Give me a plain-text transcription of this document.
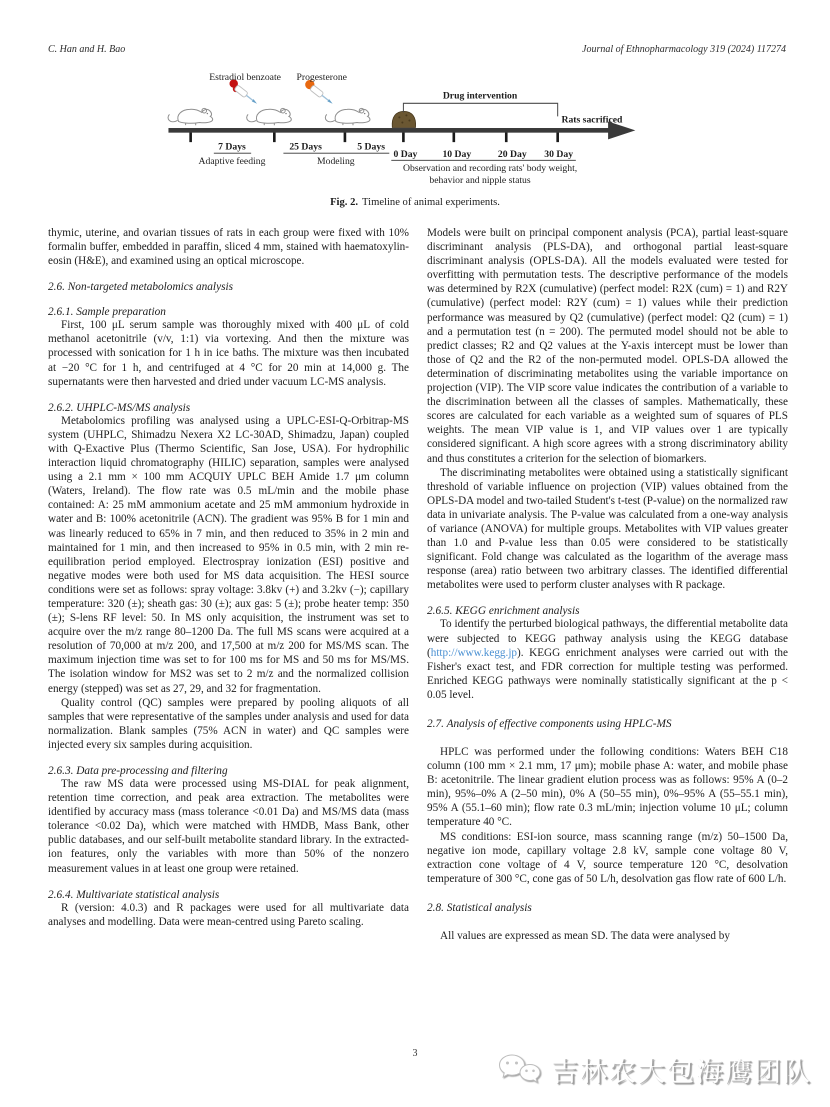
C. Han and H. Bao	Journal of Ethnopharmacology 319 (2024) 117274
Estradiol benzoate Progesterone
Drug intervention
Rats sacrificed
7 Days
Adaptive feeding
25 Days	5 Days
Modeling
0 Day	10 Day	20 Day 30 Day
Observation and recording rats' body weight,
behavior and nipple status
Fig. 2. Timeline of animal experiments.

thymic, uterine, and ovarian tissues of rats in each group were fixed with 10% formalin buffer, embedded in paraffin, sliced 4 mm, stained with haematoxylin-eosin (H&E), and examined using an optical microscope.

2.6. Non-targeted metabolomics analysis

2.6.1. Sample preparation

First, 100 μL serum sample was thoroughly mixed with 400 μL of cold methanol acetonitrile (v/v, 1:1) via vortexing. And then the mixture was processed with sonication for 1 h in ice baths. The mixture was then incubated at −20 °C for 1 h, and centrifuged at 4 °C for 20 min at 14,000 g. The supernatants were then harvested and dried under vacuum LC-MS analysis.

2.6.2. UHPLC-MS/MS analysis

Metabolomics profiling was analysed using a UPLC-ESI-Q-Orbitrap-MS system (UHPLC, Shimadzu Nexera X2 LC-30AD, Shimadzu, Japan) coupled with Q-Exactive Plus (Thermo Scientific, San Jose, USA). For hydrophilic interaction liquid chromatography (HILIC) separation, samples were analysed using a 2.1 mm × 100 mm ACQUIY UPLC BEH Amide 1.7 μm column (Waters, Ireland). The flow rate was 0.5 mL/min and the mobile phase contained: A: 25 mM ammonium acetate and 25 mM ammonium hydroxide in water and B: 100% acetonitrile (ACN). The gradient was 95% B for 1 min and was linearly reduced to 65% in 7 min, and then reduced to 35% in 2 min and maintained for 1 min, and then increased to 95% in 0.5 min, with 2 min re-equilibration period employed. Electrospray ionization (ESI) positive and negative modes were both used for MS data acquisition. The HESI source conditions were set as follows: spray voltage: 3.8kv (+) and 3.2kv (−); capillary temperature: 320 (±); sheath gas: 30 (±); aux gas: 5 (±); probe heater temp: 350 (±); S-lens RF level: 50. In MS only acquisition, the instrument was set to acquire over the m/z range 80–1200 Da. The full MS scans were acquired at a resolution of 70,000 at m/z 200, and 17,500 at m/z 200 for MS/MS scan. The maximum injection time was set to for 100 ms for MS and 50 ms for MS/MS. The isolation window for MS2 was set to 2 m/z and the normalized collision energy (stepped) was set as 27, 29, and 32 for fragmentation.

Quality control (QC) samples were prepared by pooling aliquots of all samples that were representative of the samples under analysis and used for data normalization. Blank samples (75% ACN in water) and QC samples were injected every six samples during acquisition.

2.6.3. Data pre-processing and filtering

The raw MS data were processed using MS-DIAL for peak alignment, retention time correction, and peak area extraction. The metabolites were identified by accuracy mass (mass tolerance <0.01 Da) and MS/MS data (mass tolerance <0.02 Da), which were matched with HMDB, Mass Bank, other public databases, and our self-built metabolite standard library. In the extracted-ion features, only the variables with more than 50% of the nonzero measurement values in at least one group were retained.

2.6.4. Multivariate statistical analysis

R (version: 4.0.3) and R packages were used for all multivariate data analyses and modelling. Data were mean-centred using Pareto scaling.

Models were built on principal component analysis (PCA), partial least-square discriminant analysis (PLS-DA), and orthogonal partial least-square discriminant analysis (OPLS-DA). All the models evaluated were tested for overfitting with permutation tests. The descriptive performance of the models was determined by R2X (cumulative) (perfect model: R2X (cum) = 1) and R2Y (cumulative) (perfect model: R2Y (cum) = 1) values while their prediction performance was measured by Q2 (cumulative) (perfect model: Q2 (cum) = 1) and a permutation test (n = 200). The permuted model should not be able to predict classes; R2 and Q2 values at the Y-axis intercept must be lower than those of Q2 and the R2 of the non-permuted model. OPLS-DA allowed the determination of discriminating metabolites using the variable importance on projection (VIP). The VIP score value indicates the contribution of a variable to the discrimination between all the classes of samples. Mathematically, these scores are calculated for each variable as a weighted sum of squares of PLS weights. The mean VIP value is 1, and VIP values over 1 are typically considered significant. A high score agrees with a strong discriminatory ability and thus constitutes a criterion for the selection of biomarkers.

The discriminating metabolites were obtained using a statistically significant threshold of variable influence on projection (VIP) values obtained from the OPLS-DA model and two-tailed Student's t-test (P-value) on the normalized raw data in univariate analysis. The P-value was calculated from a one-way analysis of variance (ANOVA) for multiple groups. Metabolites with VIP values greater than 1.0 and P-value less than 0.05 were considered to be statistically significant. Fold change was calculated as the logarithm of the average mass response (area) ratio between two arbitrary classes. The identified differential metabolites were used to perform cluster analyses with R package.

2.6.5. KEGG enrichment analysis

To identify the perturbed biological pathways, the differential metabolite data were subjected to KEGG pathway analysis using the KEGG database (http://www.kegg.jp). KEGG enrichment analyses were carried out with the Fisher's exact test, and FDR correction for multiple testing was performed. Enriched KEGG pathways were nominally statistically significant at the p < 0.05 level.

2.7. Analysis of effective components using HPLC-MS

HPLC was performed under the following conditions: Waters BEH C18 column (100 mm × 2.1 mm, 17 μm); mobile phase A: water, and mobile phase B: acetonitrile. The linear gradient elution process was as follows: 95% A (0–2 min), 95%–0% A (2–50 min), 0% A (50–55 min), 0%–95% A (55–55.1 min), 95% A (55.1–60 min); flow rate 0.3 mL/min; injection volume 10 μL; column temperature 40 °C.

MS conditions: ESI-ion source, mass scanning range (m/z) 50–1500 Da, negative ion mode, capillary voltage 2.8 kV, sample cone voltage 80 V, extraction cone voltage of 4 V, source temperature 120 °C, desolvation temperature of 300 °C, cone gas of 50 L/h, desolvation gas flow rate of 600 L/h.

2.8. Statistical analysis

All values are expressed as mean SD. The data were analysed by

3
吉林农大包海鹰团队
